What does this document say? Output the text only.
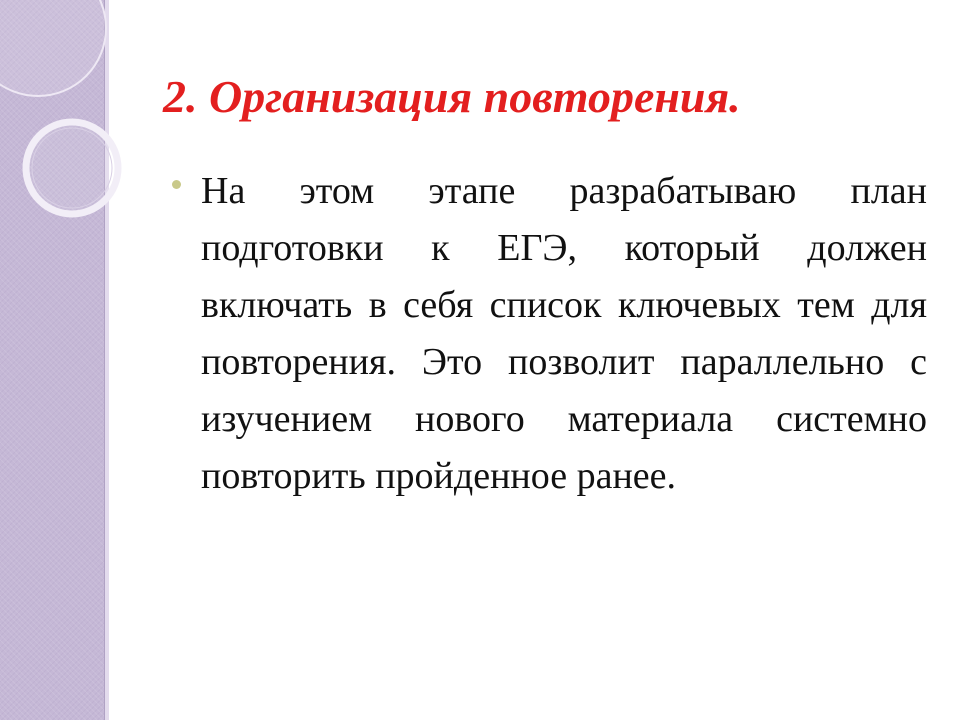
2. Организация повторения.

На этом этапе разрабатываю план подготовки к ЕГЭ, который должен включать в себя список ключевых тем для повторения. Это позволит параллельно с изучением нового материала системно повторить пройденное ранее.
